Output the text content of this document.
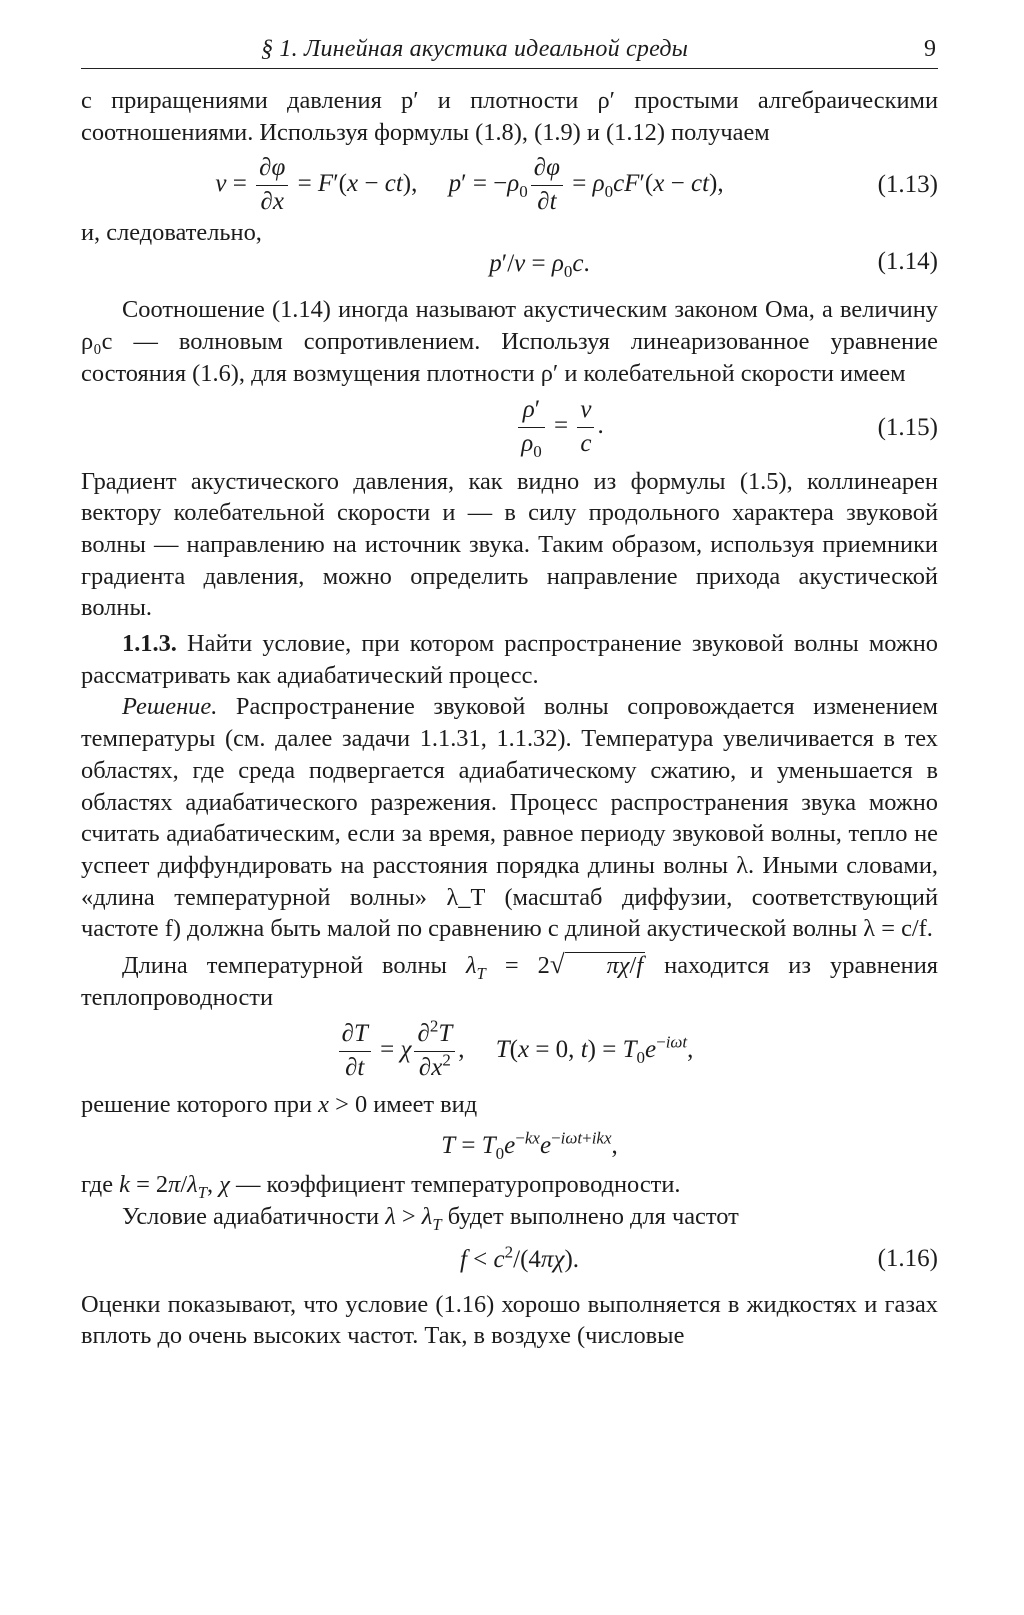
§ 1. Линейная акустика идеальной среды	9

с приращениями давления p′ и плотности ρ′ простыми алгебраическими соотношениями. Используя формулы (1.8), (1.9) и (1.12) получаем

$v = \frac{\partial\varphi}{\partial x} = F'(x - ct)$,     $p' = -\rho_0 \frac{\partial\varphi}{\partial t} = \rho_0cF'(x - ct)$,	(1.13)

и, следовательно,

$p'/v = \rho_0c$.	(1.14)

Соотношение (1.14) иногда называют акустическим законом Ома, а величину ρ₀c — волновым сопротивлением. Используя линеаризованное уравнение состояния (1.6), для возмущения плотности ρ′ и колебательной скорости имеем

$\frac{\rho'}{\rho_0} = \frac{v}{c}$ .	(1.15)

Градиент акустического давления, как видно из формулы (1.5), коллинеарен вектору колебательной скорости и — в силу продольного характера звуковой волны — направлению на источник звука. Таким образом, используя приемники градиента давления, можно определить направление прихода акустической волны.

1.1.3. Найти условие, при котором распространение звуковой волны можно рассматривать как адиабатический процесс.

Решение. Распространение звуковой волны сопровождается изменением температуры (см. далее задачи 1.1.31, 1.1.32). Температура увеличивается в тех областях, где среда подвергается адиабатическому сжатию, и уменьшается в областях адиабатического разрежения. Процесс распространения звука можно считать адиабатическим, если за время, равное периоду звуковой волны, тепло не успеет диффундировать на расстояния порядка длины волны λ. Иными словами, «длина температурной волны» λ_T (масштаб диффузии, соответствующий частоте f) должна быть малой по сравнению с длиной акустической волны λ = c/f.

Длина температурной волны $\lambda_T = 2√$ πχ/f находится из уравнения теплопроводности

$\frac{\partial T}{\partial t} = \chi \frac{\partial^2T}{\partial x^2}$ ,     T(x = 0, $t) = T_0e^{-i\omega t}$,

решение которого при x > 0 имеет вид

$T = T_0e^{-kx}e^{-i\omega t+ikx}$,

где $k = 2\pi/\lambda_T$, χ — коэффициент температуропроводности.

Условие адиабатичности $\lambda > \lambda_T$ будет выполнено для частот

$f < c^2/(4\pi\chi)$.	(1.16)

Оценки показывают, что условие (1.16) хорошо выполняется в жидкостях и газах вплоть до очень высоких частот. Так, в воздухе (числовые
